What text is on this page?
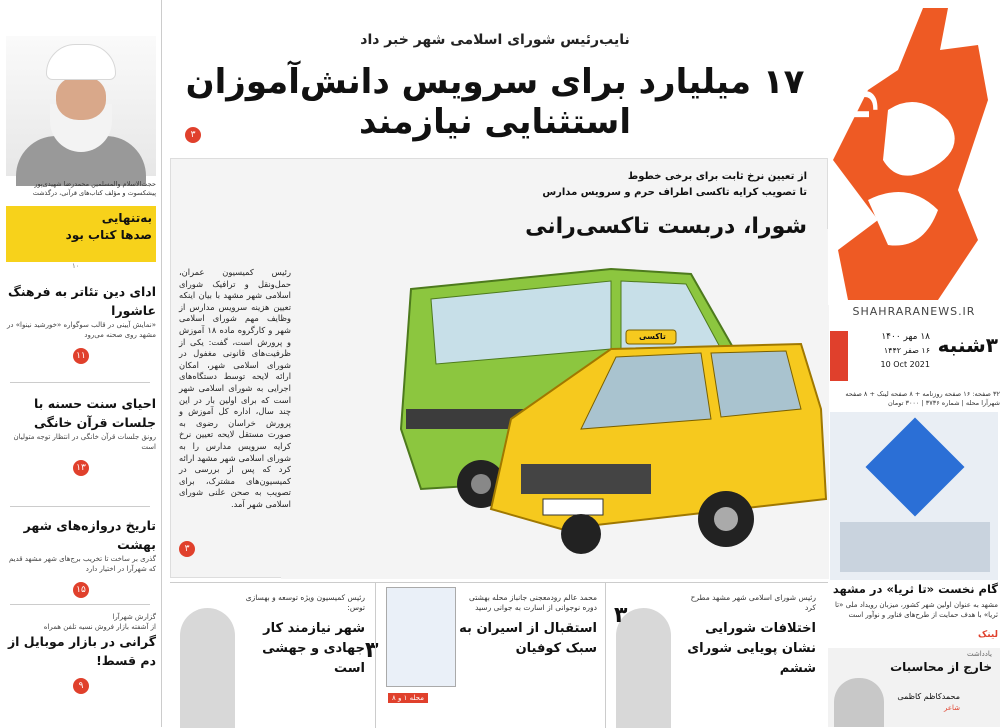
حجت‌الاسلام والمسلمین محمدرضا شهیدی‌پور پیشکسوت و مؤلف کتاب‌های قرآنی، درگذشت
به‌تنهایی
صدها کتاب بود
۱۰
ادای دین تئاتر به فرهنگ عاشورا
«نمایش آیینی در قالب سوگواره «خورشید نینوا» در مشهد روی صحنه می‌رود
۱۱
احیای سنت حسنه با جلسات قرآن خانگی
رونق جلسات قرآن خانگی در انتظار توجه متولیان است
۱۳
تاریخ دروازه‌های شهر بهشت
گذری بر ساخت تا تخریب برج‌های شهر مشهد قدیم که شهرآرا در اختیار دارد
۱۵
گزارش شهرآرا
از آشفته بازار فروش نسیه تلفن همراه
گرانی در بازار موبایل از دم قسط!
۹
نایب‌رئیس شورای اسلامی شهر خبر داد
۱۷ میلیارد برای سرویس دانش‌آموزان استثنایی نیازمند
۳
تاکسی
از تعیین نرخ ثابت برای برخی خطوط
تا تصویب کرایه تاکسی اطراف حرم و سرویس مدارس
شورا، دربست تاکسی‌رانی
رئیس کمیسیون عمران، حمل‌ونقل و ترافیک شورای اسلامی شهر مشهد با بیان اینکه تعیین هزینه سرویس مدارس از وظایف مهم شورای اسلامی شهر و کارگروه ماده ۱۸ آموزش و پرورش است، گفت: یکی از ظرفیت‌های قانونی مغفول در شورای اسلامی شهر، امکان ارائه لایحه توسط دستگاه‌های اجرایی به شورای اسلامی شهر است که برای اولین بار در این چند سال، اداره کل آموزش و پرورش خراسان رضوی به صورت مستقل لایحه تعیین نرخ کرایه سرویس مدارس را به شورای اسلامی شهر مشهد ارائه کرد که پس از بررسی در کمیسیون‌های مشترک، برای تصویب به صحن علنی شورای اسلامی شهر آمد.
۳
رئیس کمیسیون ویژه توسعه و بهسازی توس:
شهر نیازمند کار جهادی و جهشی است
۳
محمد عالم رودمعجنی جانباز محله بهشتی دوره نوجوانی از اسارت به جوانی رسید
استقبال از اسیران به سبک کوفیان
محله ۱ و ۸
رئیس شورای اسلامی شهر مشهد مطرح کرد
اختلافات شورایی نشان پویایی شورای ششم
۳
شهرآرا
SHAHRARANEWS.IR
۳شنبه
۱۸ مهر ۱۴۰۰
۱۶ صفر ۱۴۴۲
10 Oct 2021
۳۲ صفحه: ۱۶ صفحه روزنامه + ۸ صفحه لینک + ۸ صفحه شهرآرا محله | شماره ۳۷۳۶ | ۳۰۰۰ تومان
گام نخست «تا ثریا» در مشهد
مشهد به عنوان اولین شهر کشور، میزبان رویداد ملی «تا ثریا» با هدف حمایت از طرح‌های فناور و نوآور است
لینک
یادداشت
خارج از محاسبات
محمدکاظم کاظمی
شاعر
